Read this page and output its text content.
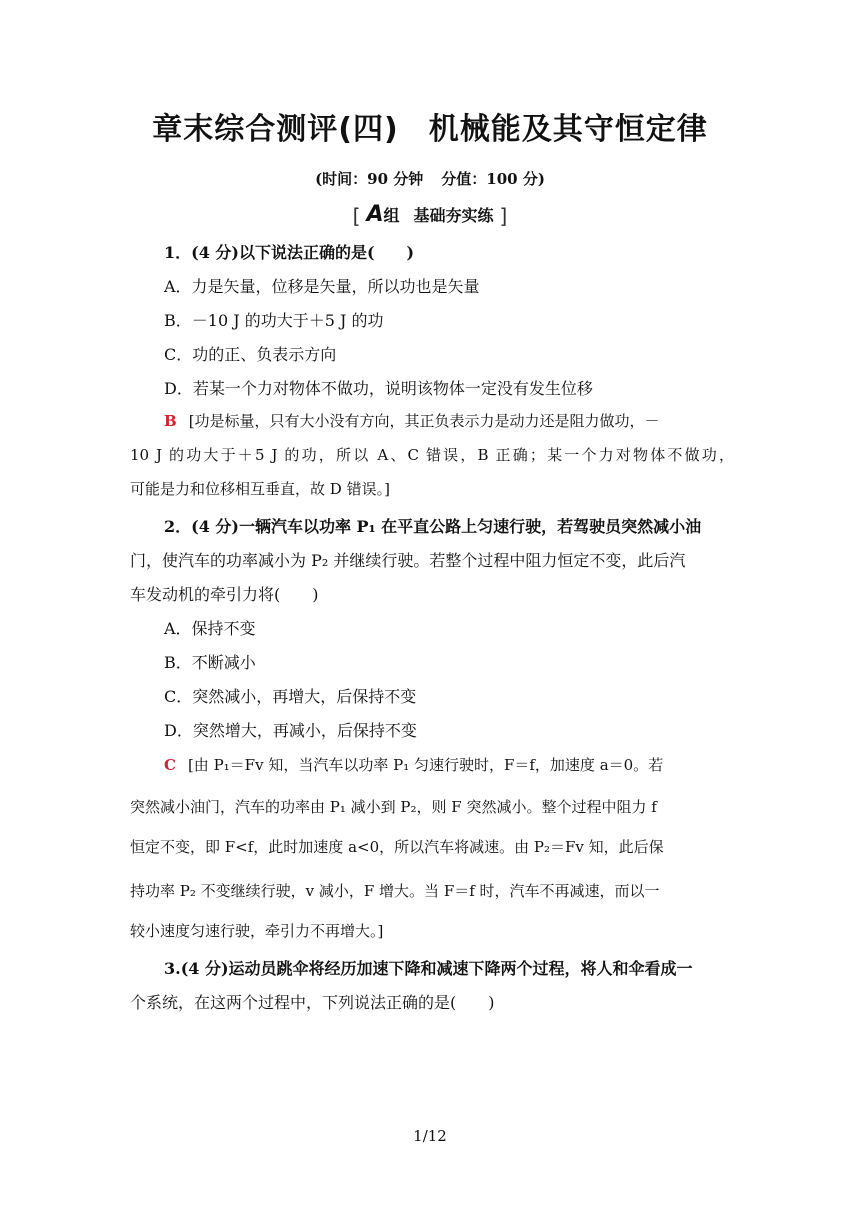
章末综合测评(四) 机械能及其守恒定律
(时间：90 分钟 分值：100 分)
[ A组 基础夯实练 ]
1．(4 分)以下说法正确的是(　　)
A．力是矢量，位移是矢量，所以功也是矢量
B．－10 J 的功大于＋5 J 的功
C．功的正、负表示方向
D．若某一个力对物体不做功，说明该物体一定没有发生位移
B [功是标量，只有大小没有方向，其正负表示力是动力还是阻力做功，－
10 J 的功大于＋5 J 的功，所以 A、C 错误，B 正确；某一个力对物体不做功，
可能是力和位移相互垂直，故 D 错误。]
2．(4 分)一辆汽车以功率 P₁ 在平直公路上匀速行驶，若驾驶员突然减小油
门，使汽车的功率减小为 P₂ 并继续行驶。若整个过程中阻力恒定不变，此后汽
车发动机的牵引力将(　　)
A．保持不变
B．不断减小
C．突然减小，再增大，后保持不变
D．突然增大，再减小，后保持不变
C [由 P₁＝Fv 知，当汽车以功率 P₁ 匀速行驶时，F＝f，加速度 a＝0。若
突然减小油门，汽车的功率由 P₁ 减小到 P₂，则 F 突然减小。整个过程中阻力 f
恒定不变，即 F<f，此时加速度 a<0，所以汽车将减速。由 P₂＝Fv 知，此后保
持功率 P₂ 不变继续行驶，v 减小，F 增大。当 F＝f 时，汽车不再减速，而以一
较小速度匀速行驶，牵引力不再增大。]
3.(4 分)运动员跳伞将经历加速下降和减速下降两个过程，将人和伞看成一
个系统，在这两个过程中，下列说法正确的是(　　)
1/12
